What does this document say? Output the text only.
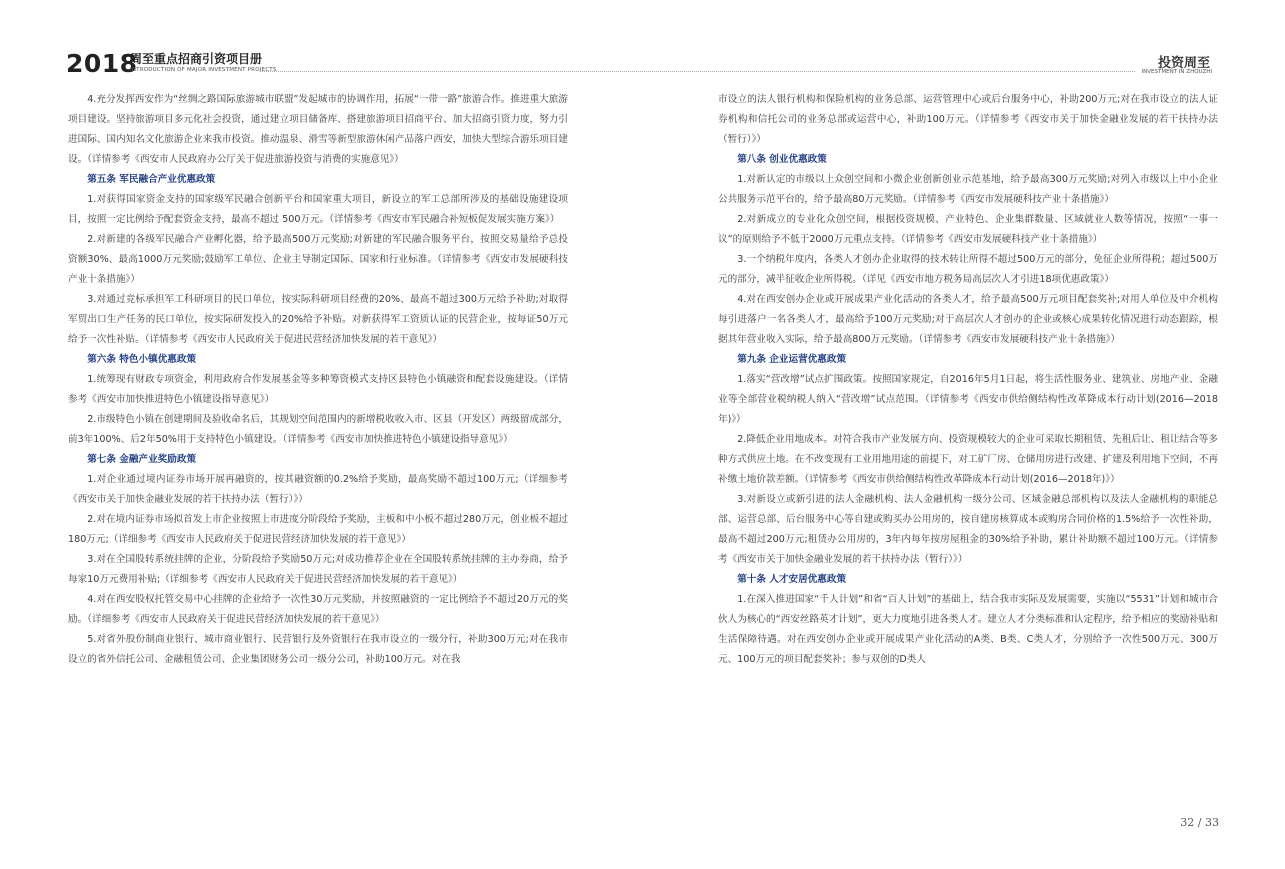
2018
周至重点招商引资项目册
INTRODUCTION OF MAJOR INVESTMENT PROJECTS	投资周至
INVESTMENT IN ZHOUZHI

4.充分发挥西安作为“丝绸之路国际旅游城市联盟”发起城市的协调作用，拓展“一带一路”旅游合作。推进重大旅游项目建设。坚持旅游项目多元化社会投资，通过建立项目储备库、搭建旅游项目招商平台、加大招商引资力度，努力引进国际、国内知名文化旅游企业来我市投资。推动温泉、滑雪等新型旅游休闲产品落户西安，加快大型综合游乐项目建设。（详情参考《西安市人民政府办公厅关于促进旅游投资与消费的实施意见》）

第五条 军民融合产业优惠政策

1.对获得国家资金支持的国家级军民融合创新平台和国家重大项目，新设立的军工总部所涉及的基础设施建设项目，按照一定比例给予配套资金支持，最高不超过 500万元。（详情参考《西安市军民融合补短板促发展实施方案》）

2.对新建的各级军民融合产业孵化器，给予最高500万元奖励;对新建的军民融合服务平台，按照交易量给予总投资额30%、最高1000万元奖励;鼓励军工单位、企业主导制定国际、国家和行业标准。（详情参考《西安市发展硬科技产业十条措施》）

3.对通过竞标承担军工科研项目的民口单位，按实际科研项目经费的20%、最高不超过300万元给予补助;对取得军贸出口生产任务的民口单位，按实际研发投入的20%给予补贴。对新获得军工资质认证的民营企业，按每证50万元给予一次性补贴。（详情参考《西安市人民政府关于促进民营经济加快发展的若干意见》）

第六条 特色小镇优惠政策

1.统筹现有财政专项资金，利用政府合作发展基金等多种筹资模式支持区县特色小镇融资和配套设施建设。（详情参考《西安市加快推进特色小镇建设指导意见》）

2.市级特色小镇在创建期间及验收命名后，其规划空间范围内的新增税收收入市、区县（开发区）两级留成部分，前3年100%、后2年50%用于支持特色小镇建设。（详情参考《西安市加快推进特色小镇建设指导意见》）

第七条 金融产业奖励政策

1.对企业通过境内证券市场开展再融资的，按其融资额的0.2%给予奖励，最高奖励不超过100万元;（详细参考《西安市关于加快金融业发展的若干扶持办法（暂行）》）

2.对在境内证券市场拟首发上市企业按照上市进度分阶段给予奖励，主板和中小板不超过280万元，创业板不超过180万元;（详细参考《西安市人民政府关于促进民营经济加快发展的若干意见》）

3.对在全国股转系统挂牌的企业，分阶段给予奖励50万元;对成功推荐企业在全国股转系统挂牌的主办券商，给予每家10万元费用补贴;（详细参考《西安市人民政府关于促进民营经济加快发展的若干意见》）

4.对在西安股权托管交易中心挂牌的企业给予一次性30万元奖励，并按照融资的一定比例给予不超过20万元的奖励。（详细参考《西安市人民政府关于促进民营经济加快发展的若干意见》）

5.对省外股份制商业银行、城市商业银行、民营银行及外资银行在我市设立的一级分行，补助300万元;对在我市设立的省外信托公司、金融租赁公司、企业集团财务公司一级分公司，补助100万元。对在我

市设立的法人银行机构和保险机构的业务总部、运营管理中心或后台服务中心，补助200万元;对在我市设立的法人证券机构和信托公司的业务总部或运营中心，补助100万元。（详情参考《西安市关于加快金融业发展的若干扶持办法（暂行）》）

第八条 创业优惠政策

1.对新认定的市级以上众创空间和小微企业创新创业示范基地，给予最高300万元奖励;对列入市级以上中小企业公共服务示范平台的，给予最高80万元奖励。（详情参考《西安市发展硬科技产业十条措施》）

2.对新成立的专业化众创空间，根据投资规模、产业特色、企业集群数量、区域就业人数等情况，按照“一事一议”的原则给予不低于2000万元重点支持。（详情参考《西安市发展硬科技产业十条措施》）

3.一个纳税年度内，各类人才创办企业取得的技术转让所得不超过500万元的部分，免征企业所得税；超过500万元的部分，减半征收企业所得税。（详见《西安市地方税务局高层次人才引进18项优惠政策》）

4.对在西安创办企业或开展成果产业化活动的各类人才，给予最高500万元项目配套奖补;对用人单位及中介机构每引进落户一名各类人才，最高给予100万元奖励;对于高层次人才创办的企业或核心成果转化情况进行动态跟踪，根据其年营业收入实际，给予最高800万元奖励。（详情参考《西安市发展硬科技产业十条措施》）

第九条 企业运营优惠政策

1.落实“营改增”试点扩围政策。按照国家规定，自2016年5月1日起，将生活性服务业、建筑业、房地产业、金融业等全部营业税纳税人纳入“营改增”试点范围。（详情参考《西安市供给侧结构性改革降成本行动计划(2016—2018年)》）

2.降低企业用地成本。对符合我市产业发展方向、投资规模较大的企业可采取长期租赁、先租后让、租让结合等多种方式供应土地。在不改变现有工业用地用途的前提下，对工矿厂房、仓储用房进行改建、扩建及利用地下空间，不再补缴土地价款差额。（详情参考《西安市供给侧结构性改革降成本行动计划(2016—2018年)》）

3.对新设立或新引进的法人金融机构、法人金融机构一级分公司、区域金融总部机构以及法人金融机构的职能总部、运营总部、后台服务中心等自建或购买办公用房的，按自建房核算成本或购房合同价格的1.5%给予一次性补助，最高不超过200万元;租赁办公用房的，3年内每年按房屋租金的30%给予补助，累计补助额不超过100万元。（详情参考《西安市关于加快金融业发展的若干扶持办法（暂行）》）

第十条 人才安居优惠政策

1.在深入推进国家“千人计划”和省“百人计划”的基础上，结合我市实际及发展需要，实施以“5531”计划和城市合伙人为核心的“西安丝路英才计划”，更大力度地引进各类人才。建立人才分类标准和认定程序，给予相应的奖励补贴和生活保障待遇。对在西安创办企业或开展成果产业化活动的A类、B类、C类人才，分别给予一次性500万元、300万元、100万元的项目配套奖补；参与双创的D类人

32 / 33
